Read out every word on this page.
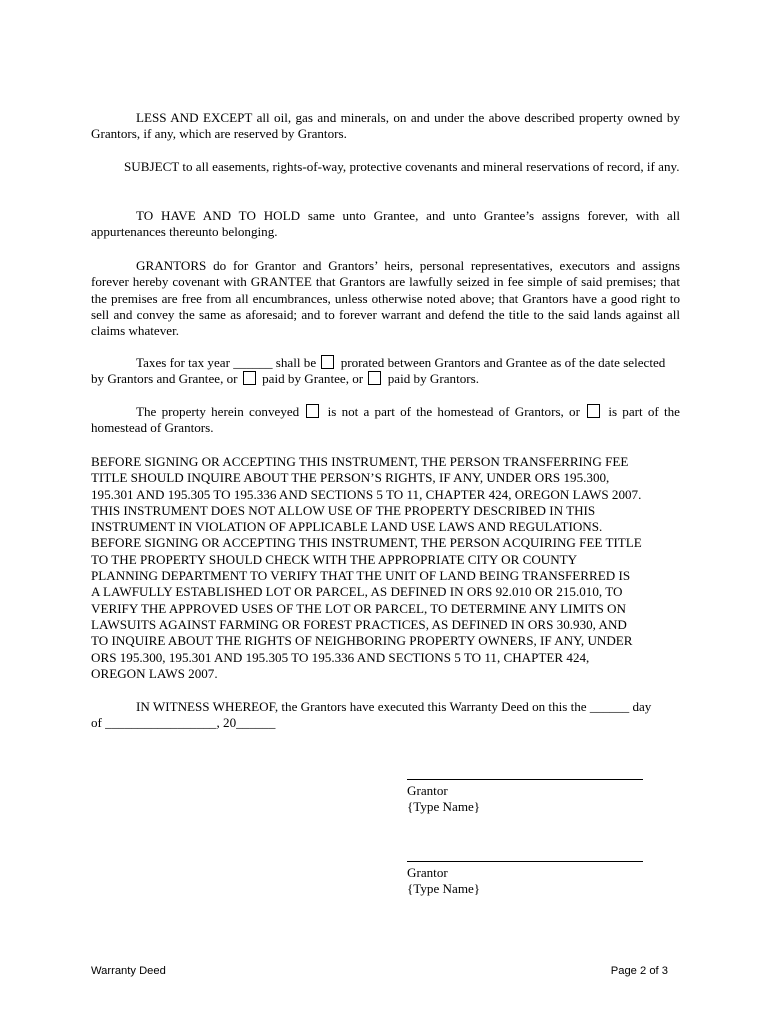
LESS AND EXCEPT all oil, gas and minerals, on and under the above described property owned by Grantors, if any, which are reserved by Grantors.

SUBJECT to all easements, rights-of-way, protective covenants and mineral reservations of record, if any.

TO HAVE AND TO HOLD same unto Grantee, and unto Grantee’s assigns forever, with all appurtenances thereunto belonging.

GRANTORS do for Grantor and Grantors’ heirs, personal representatives, executors and assigns forever hereby covenant with GRANTEE that Grantors are lawfully seized in fee simple of said premises; that the premises are free from all encumbrances, unless otherwise noted above; that Grantors have a good right to sell and convey the same as aforesaid; and to forever warrant and defend the title to the said lands against all claims whatever.

Taxes for tax year ______ shall be  prorated between Grantors and Grantee as of the date selected by Grantors and Grantee, or  paid by Grantee, or  paid by Grantors.

The property herein conveyed  is not a part of the homestead of Grantors, or  is part of the homestead of Grantors.

BEFORE SIGNING OR ACCEPTING THIS INSTRUMENT, THE PERSON TRANSFERRING FEE
TITLE SHOULD INQUIRE ABOUT THE PERSON’S RIGHTS, IF ANY, UNDER ORS 195.300,
195.301 AND 195.305 TO 195.336 AND SECTIONS 5 TO 11, CHAPTER 424, OREGON LAWS 2007.
THIS INSTRUMENT DOES NOT ALLOW USE OF THE PROPERTY DESCRIBED IN THIS
INSTRUMENT IN VIOLATION OF APPLICABLE LAND USE LAWS AND REGULATIONS.
BEFORE SIGNING OR ACCEPTING THIS INSTRUMENT, THE PERSON ACQUIRING FEE TITLE
TO THE PROPERTY SHOULD CHECK WITH THE APPROPRIATE CITY OR COUNTY
PLANNING DEPARTMENT TO VERIFY THAT THE UNIT OF LAND BEING TRANSFERRED IS
A LAWFULLY ESTABLISHED LOT OR PARCEL, AS DEFINED IN ORS 92.010 OR 215.010, TO
VERIFY THE APPROVED USES OF THE LOT OR PARCEL, TO DETERMINE ANY LIMITS ON
LAWSUITS AGAINST FARMING OR FOREST PRACTICES, AS DEFINED IN ORS 30.930, AND
TO INQUIRE ABOUT THE RIGHTS OF NEIGHBORING PROPERTY OWNERS, IF ANY, UNDER
ORS 195.300, 195.301 AND 195.305 TO 195.336 AND SECTIONS 5 TO 11, CHAPTER 424,
OREGON LAWS 2007.
IN WITNESS WHEREOF, the Grantors have executed this Warranty Deed on this the ______ day
of _________________, 20______
Grantor
{Type Name}
Grantor
{Type Name}
Warranty Deed	Page 2 of 3
